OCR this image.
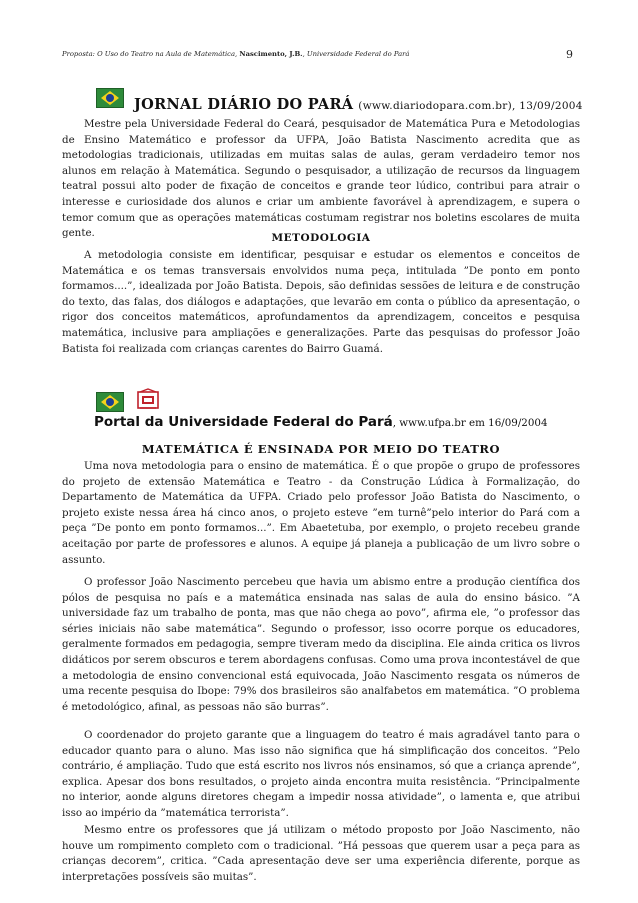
Proposta: O Uso do Teatro na Aula de Matemática, Nascimento, J.B., Universidade Federal do Pará	9
JORNAL DIÁRIO DO PARÁ (www.diariodopara.com.br), 13/09/2004

Mestre pela Universidade Federal do Ceará, pesquisador de Matemática Pura e Metodologias de Ensino Matemático e professor da UFPA, João Batista Nascimento acredita que as metodologias tradicionais, utilizadas em muitas salas de aulas, geram verdadeiro temor nos alunos em relação à Matemática. Segundo o pesquisador, a utilização de recursos da linguagem teatral possui alto poder de fixação de conceitos e grande teor lúdico, contribui para atrair o interesse e curiosidade dos alunos e criar um ambiente favorável à aprendizagem, e supera o temor comum que as operações matemáticas costumam registrar nos boletins escolares de muita gente.	METODOLOGIA

A metodologia consiste em identificar, pesquisar e estudar os elementos e conceitos de Matemática e os temas transversais envolvidos numa peça, intitulada ”De ponto em ponto formamos....”, idealizada por João Batista. Depois, são definidas sessões de leitura e de construção do texto, das falas, dos diálogos e adaptações, que levarão em conta o público da apresentação, o rigor dos conceitos matemáticos, aprofundamentos da aprendizagem, conceitos e pesquisa matemática, inclusive para ampliações e generalizações. Parte das pesquisas do professor João Batista foi realizada com crianças carentes do Bairro Guamá.

Portal da Universidade Federal do Pará, www.ufpa.br em 16/09/2004
MATEMÁTICA É ENSINADA POR MEIO DO TEATRO

Uma nova metodologia para o ensino de matemática. É o que propõe o grupo de professores do projeto de extensão Matemática e Teatro - da Construção Lúdica à Formalização, do Departamento de Matemática da UFPA. Criado pelo professor João Batista do Nascimento, o projeto existe nessa área há cinco anos, o projeto esteve ”em turnê”pelo interior do Pará com a peça ”De ponto em ponto formamos...”. Em Abaetetuba, por exemplo, o projeto recebeu grande aceitação por parte de professores e alunos. A equipe já planeja a publicação de um livro sobre o assunto.

O professor João Nascimento percebeu que havia um abismo entre a produção científica dos pólos de pesquisa no país e a matemática ensinada nas salas de aula do ensino básico. ”A universidade faz um trabalho de ponta, mas que não chega ao povo”, afirma ele, ”o professor das séries iniciais não sabe matemática”. Segundo o professor, isso ocorre porque os educadores, geralmente formados em pedagogia, sempre tiveram medo da disciplina. Ele ainda critica os livros didáticos por serem obscuros e terem abordagens confusas. Como uma prova incontestável de que a metodologia de ensino convencional está equivocada, João Nascimento resgata os números de uma recente pesquisa do Ibope: 79% dos brasileiros são analfabetos em matemática. ”O problema é metodológico, afinal, as pessoas não são burras”.

O coordenador do projeto garante que a linguagem do teatro é mais agradável tanto para o educador quanto para o aluno. Mas isso não significa que há simplificação dos conceitos. ”Pelo contrário, é ampliação. Tudo que está escrito nos livros nós ensinamos, só que a criança aprende”, explica. Apesar dos bons resultados, o projeto ainda encontra muita resistência. ”Principalmente no interior, aonde alguns diretores chegam a impedir nossa atividade”, o lamenta e, que atribui isso ao império da ”matemática terrorista”.

Mesmo entre os professores que já utilizam o método proposto por João Nascimento, não houve um rompimento completo com o tradicional. ”Há pessoas que querem usar a peça para as crianças decorem”, critica. ”Cada apresentação deve ser uma experiência diferente, porque as interpretações possíveis são muitas”.
